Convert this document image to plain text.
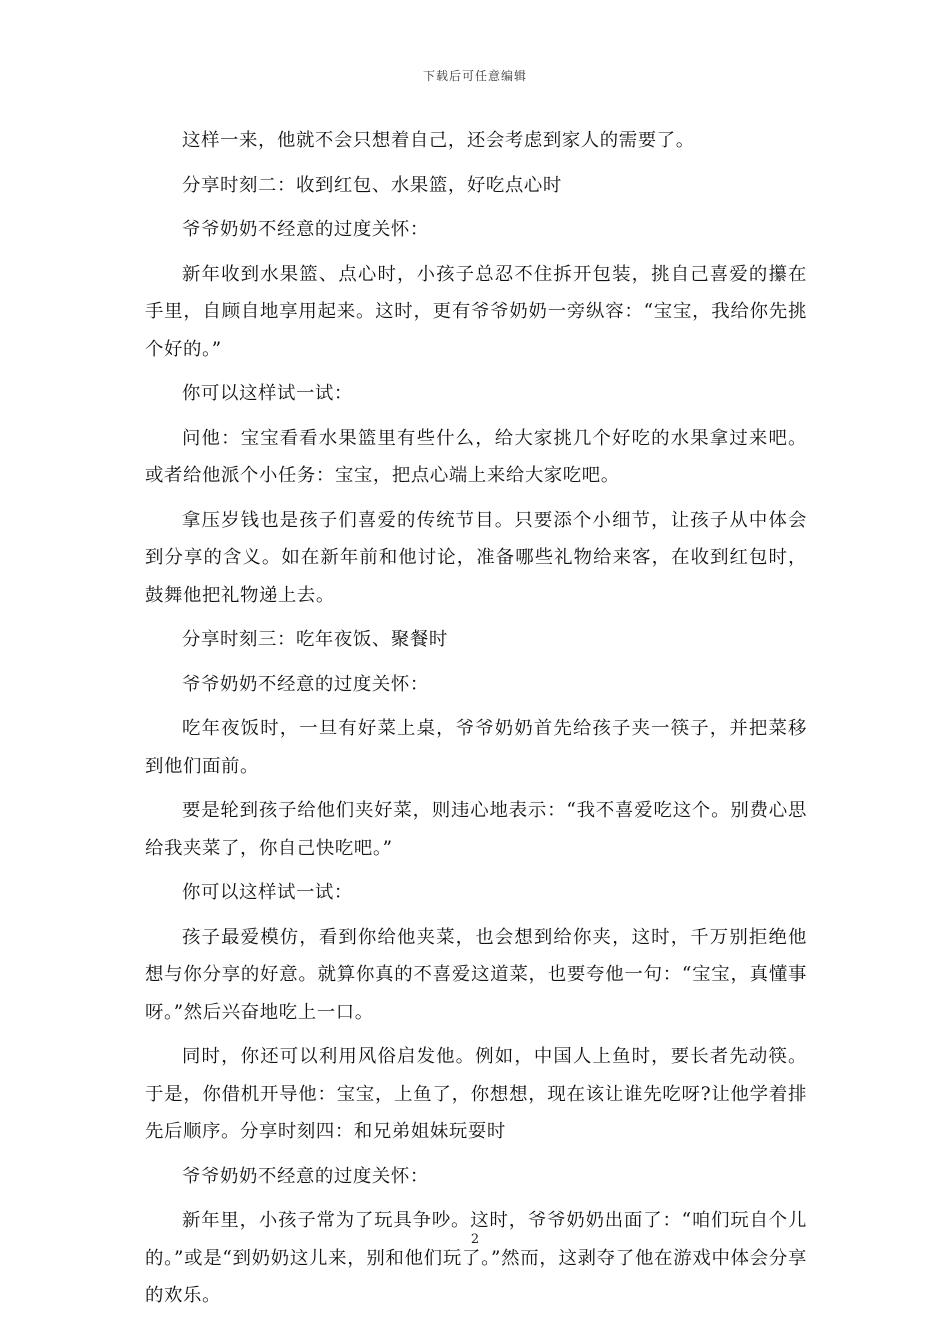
下载后可任意编辑

这样一来，他就不会只想着自己，还会考虑到家人的需要了。

分享时刻二：收到红包、水果篮，好吃点心时

爷爷奶奶不经意的过度关怀：

新年收到水果篮、点心时，小孩子总忍不住拆开包装，挑自己喜爱的攥在手里，自顾自地享用起来。这时，更有爷爷奶奶一旁纵容：“宝宝，我给你先挑个好的。”

你可以这样试一试：

问他：宝宝看看水果篮里有些什么，给大家挑几个好吃的水果拿过来吧。或者给他派个小任务：宝宝，把点心端上来给大家吃吧。

拿压岁钱也是孩子们喜爱的传统节目。只要添个小细节，让孩子从中体会到分享的含义。如在新年前和他讨论，准备哪些礼物给来客，在收到红包时，鼓舞他把礼物递上去。

分享时刻三：吃年夜饭、聚餐时

爷爷奶奶不经意的过度关怀：

吃年夜饭时，一旦有好菜上桌，爷爷奶奶首先给孩子夹一筷子，并把菜移到他们面前。

要是轮到孩子给他们夹好菜，则违心地表示：“我不喜爱吃这个。别费心思给我夹菜了，你自己快吃吧。”

你可以这样试一试：

孩子最爱模仿，看到你给他夹菜，也会想到给你夹，这时，千万别拒绝他想与你分享的好意。就算你真的不喜爱这道菜，也要夸他一句：“宝宝，真懂事呀。”然后兴奋地吃上一口。

同时，你还可以利用风俗启发他。例如，中国人上鱼时，要长者先动筷。于是，你借机开导他：宝宝，上鱼了，你想想，现在该让谁先吃呀?让他学着排先后顺序。分享时刻四：和兄弟姐妹玩耍时

爷爷奶奶不经意的过度关怀：

新年里，小孩子常为了玩具争吵。这时，爷爷奶奶出面了：“咱们玩自个儿的。”或是“到奶奶这儿来，别和他们玩了。”然而，这剥夺了他在游戏中体会分享的欢乐。

2
